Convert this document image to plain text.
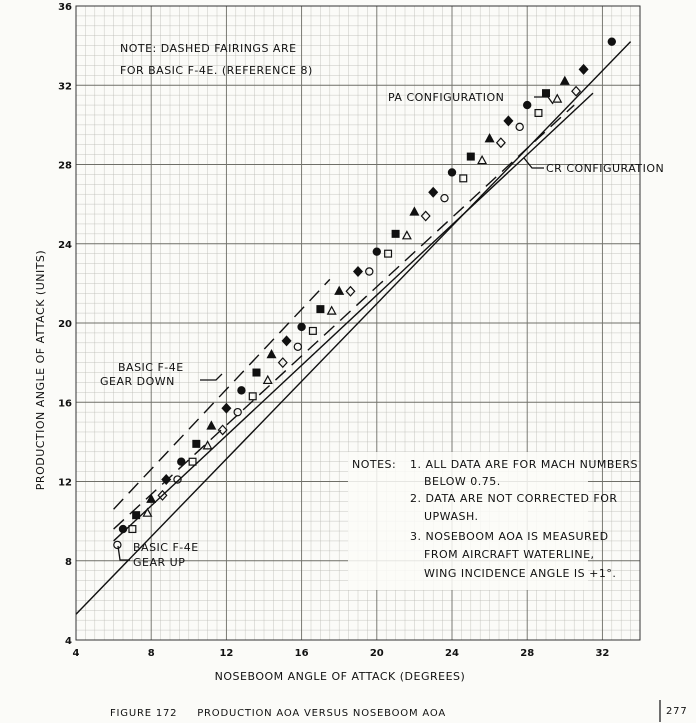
4	8	12	16	20	24	28	32
8
12
16
20
24
28
32
36
4
NOSEBOOM ANGLE OF ATTACK (DEGREES)
PRODUCTION ANGLE OF ATTACK (UNITS)
NOTE: DASHED FAIRINGS ARE
FOR BASIC F-4E. (REFERENCE 8)
PA CONFIGURATION
CR CONFIGURATION
BASIC F-4E
GEAR DOWN
BASIC F-4E
GEAR UP
NOTES: 1. ALL DATA ARE FOR MACH NUMBERS
BELOW 0.75.
2. DATA ARE NOT CORRECTED FOR
UPWASH.
3. NOSEBOOM AOA IS MEASURED
FROM AIRCRAFT WATERLINE,
WING INCIDENCE ANGLE IS +1°.
FIGURE 172     PRODUCTION AOA VERSUS NOSEBOOM AOA	277
